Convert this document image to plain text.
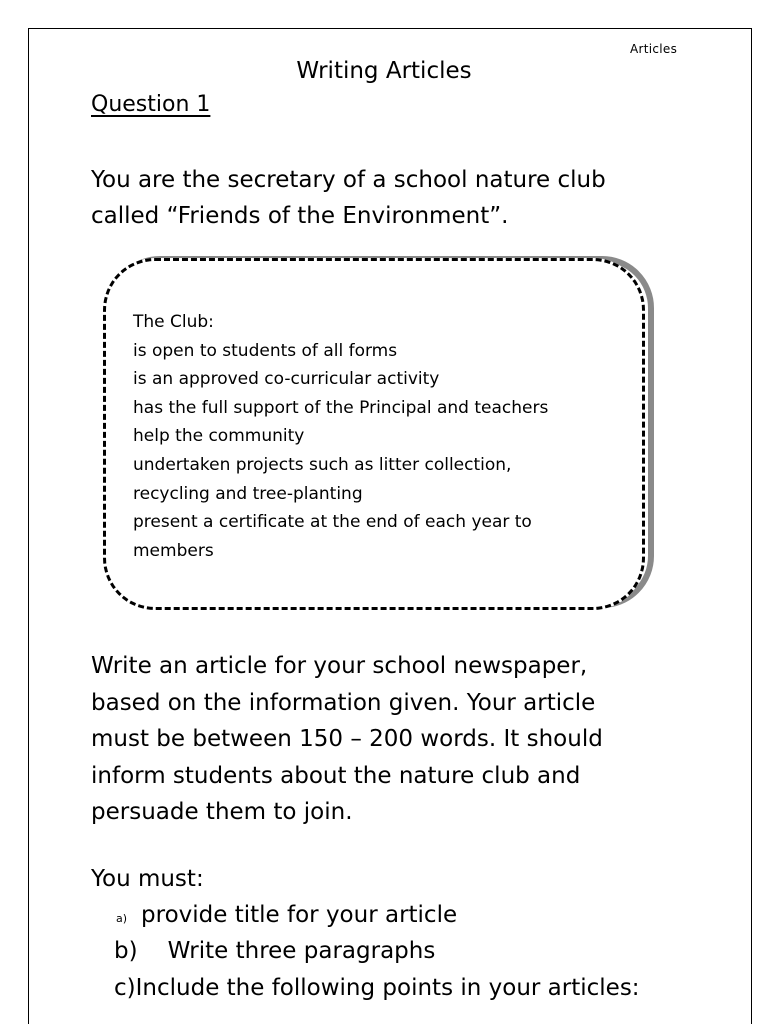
Articles
Writing Articles
Question 1
You are the secretary of a school nature club
called “Friends of the Environment”.
The Club:
is open to students of all forms
is an approved co-curricular activity
has the full support of the Principal and teachers
help the community
undertaken projects such as litter collection,
recycling and tree-planting
present a certificate at the end of each year to
members
Write an article for your school newspaper,
based on the information given. Your article
must be between 150 – 200 words. It should
inform students about the nature club and
persuade them to join.
You must:
a) provide title for your article
b) Write three paragraphs
c)Include the following points in your articles:
